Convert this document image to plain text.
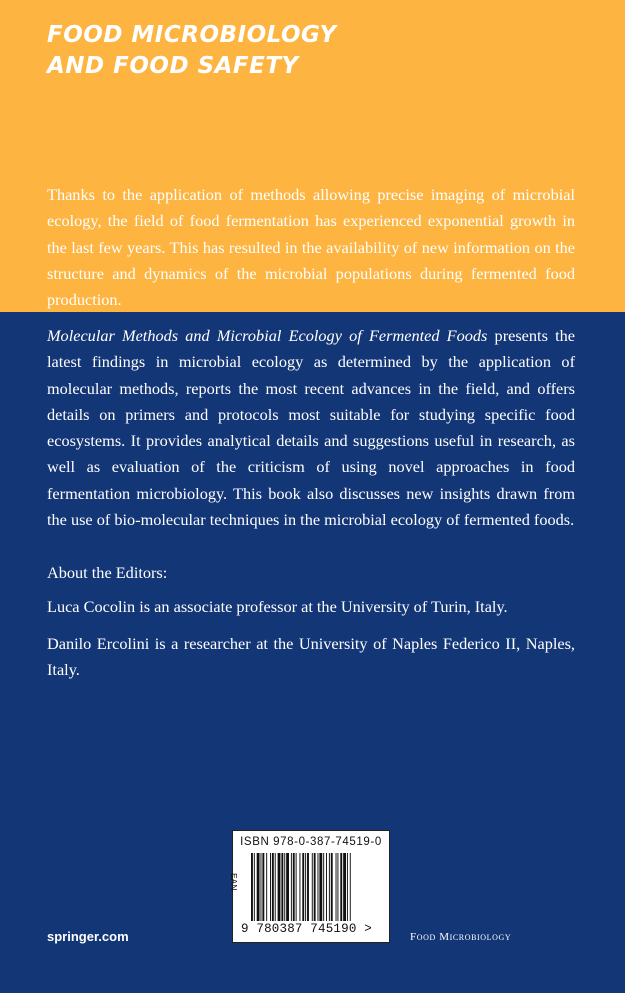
FOOD MICROBIOLOGY
AND FOOD SAFETY
Thanks to the application of methods allowing precise imaging of microbial ecology, the field of food fermentation has experienced exponential growth in the last few years. This has resulted in the availability of new information on the structure and dynamics of the microbial populations during fermented food production.
Molecular Methods and Microbial Ecology of Fermented Foods presents the latest findings in microbial ecology as determined by the application of molecular methods, reports the most recent advances in the field, and offers details on primers and protocols most suitable for studying specific food ecosystems. It provides analytical details and suggestions useful in research, as well as evaluation of the criticism of using novel approaches in food fermentation microbiology. This book also discusses new insights drawn from the use of bio-molecular techniques in the microbial ecology of fermented foods.
About the Editors:
Luca Cocolin is an associate professor at the University of Turin, Italy.
Danilo Ercolini is a researcher at the University of Naples Federico II, Naples, Italy.
ISBN 978-0-387-74519-0
EAN
9 780387 745190 >
springer.com	Food Microbiology
